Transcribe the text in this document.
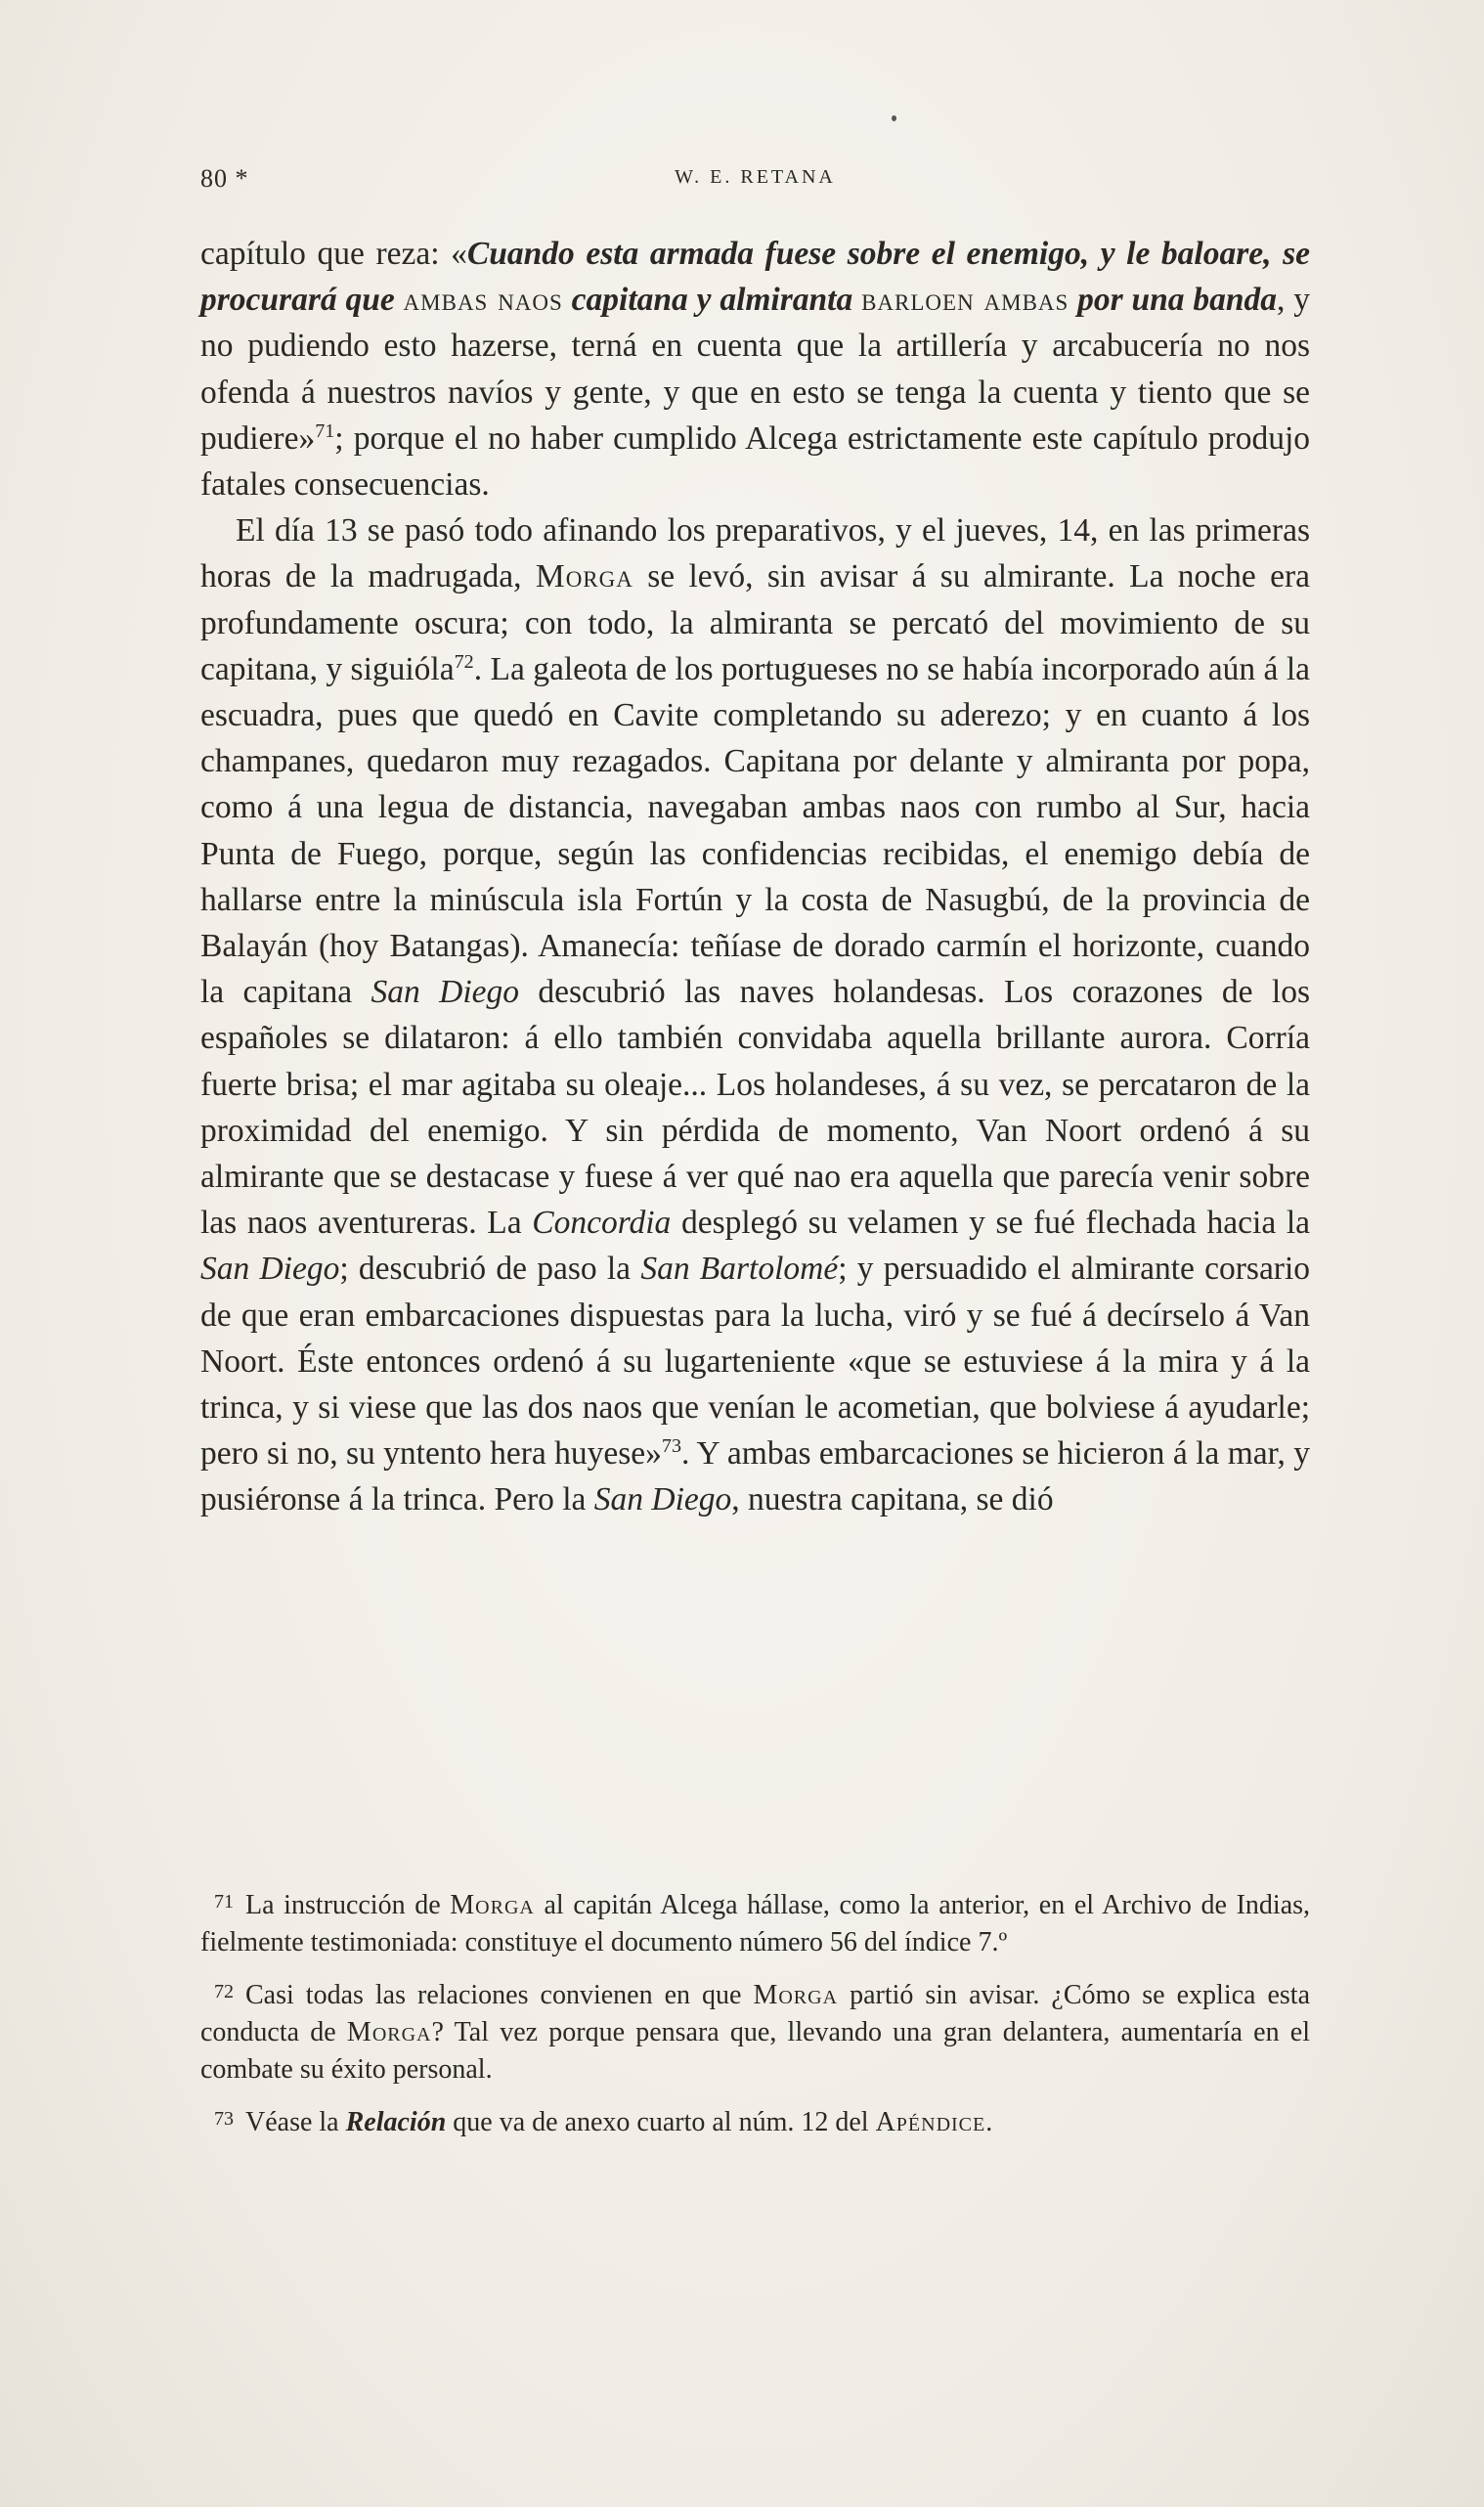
80 *	W. E. RETANA

capítulo que reza: «Cuando esta armada fuese sobre el enemigo, y le baloare, se procurará que ambas naos capitana y almiranta barloen ambas por una banda, y no pudiendo esto hazerse, terná en cuenta que la artillería y arcabucería no nos ofenda á nuestros navíos y gente, y que en esto se tenga la cuenta y tiento que se pudiere»$^{71}$; porque el no haber cumplido Alcega estrictamente este capítulo produjo fatales consecuencias.

El día 13 se pasó todo afinando los preparativos, y el jueves, 14, en las primeras horas de la madrugada, Morga se levó, sin avisar á su almirante. La noche era profundamente oscura; con todo, la almiranta se percató del movimiento de su capitana, y siguióla$^{72}$. La galeota de los portugueses no se había incorporado aún á la escuadra, pues que quedó en Cavite completando su aderezo; y en cuanto á los champanes, quedaron muy rezagados. Capitana por delante y almiranta por popa, como á una legua de distancia, navegaban ambas naos con rumbo al Sur, hacia Punta de Fuego, porque, según las confidencias recibidas, el enemigo debía de hallarse entre la minúscula isla Fortún y la costa de Nasugbú, de la provincia de Balayán (hoy Batangas). Amanecía: teñíase de dorado carmín el horizonte, cuando la capitana San Diego descubrió las naves holandesas. Los corazones de los españoles se dilataron: á ello también convidaba aquella brillante aurora. Corría fuerte brisa; el mar agitaba su oleaje... Los holandeses, á su vez, se percataron de la proximidad del enemigo. Y sin pérdida de momento, Van Noort ordenó á su almirante que se destacase y fuese á ver qué nao era aquella que parecía venir sobre las naos aventureras. La Concordia desplegó su velamen y se fué flechada hacia la San Diego; descubrió de paso la San Bartolomé; y persuadido el almirante corsario de que eran embarcaciones dispuestas para la lucha, viró y se fué á decírselo á Van Noort. Éste entonces ordenó á su lugarteniente «que se estuviese á la mira y á la trinca, y si viese que las dos naos que venían le acometian, que bolviese á ayudarle; pero si no, su yntento hera huyese»$^{73}$. Y ambas embarcaciones se hicieron á la mar, y pusiéronse á la trinca. Pero la San Diego, nuestra capitana, se dió

$^{71}$ La instrucción de Morga al capitán Alcega hállase, como la anterior, en el Archivo de Indias, fielmente testimoniada: constituye el documento número 56 del índice 7.º

$^{72}$ Casi todas las relaciones convienen en que Morga partió sin avisar. ¿Cómo se explica esta conducta de Morga? Tal vez porque pensara que, llevando una gran delantera, aumentaría en el combate su éxito personal.

$^{73}$ Véase la Relación que va de anexo cuarto al núm. 12 del Apéndice.
